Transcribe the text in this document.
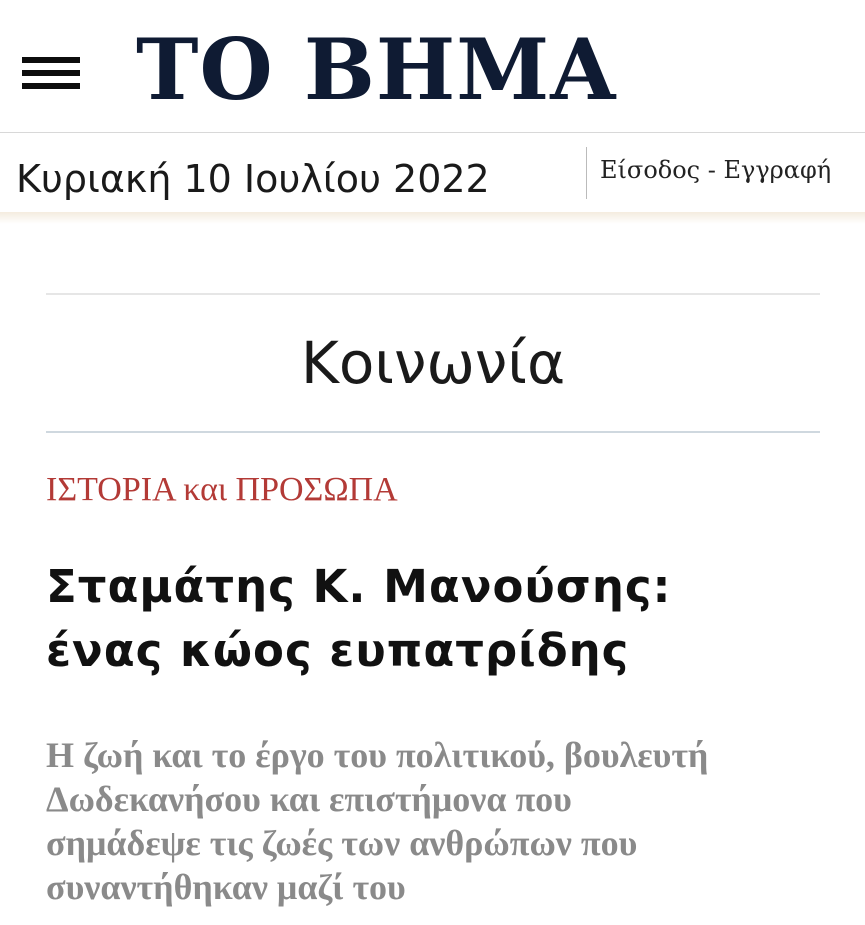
ΤΟ ΒΗΜΑ
Κυριακή 10 Ιουλίου 2022	Είσοδος - Εγγραφή
Κοινωνία
ΙΣΤΟΡΙΑ και ΠΡΟΣΩΠΑ
Σταμάτης Κ. Μανούσης:
ένας κώος ευπατρίδης

Η ζωή και το έργο του πολιτικού, βουλευτή
Δωδεκανήσου και επιστήμονα που
σημάδεψε τις ζωές των ανθρώπων που
συναντήθηκαν μαζί του
